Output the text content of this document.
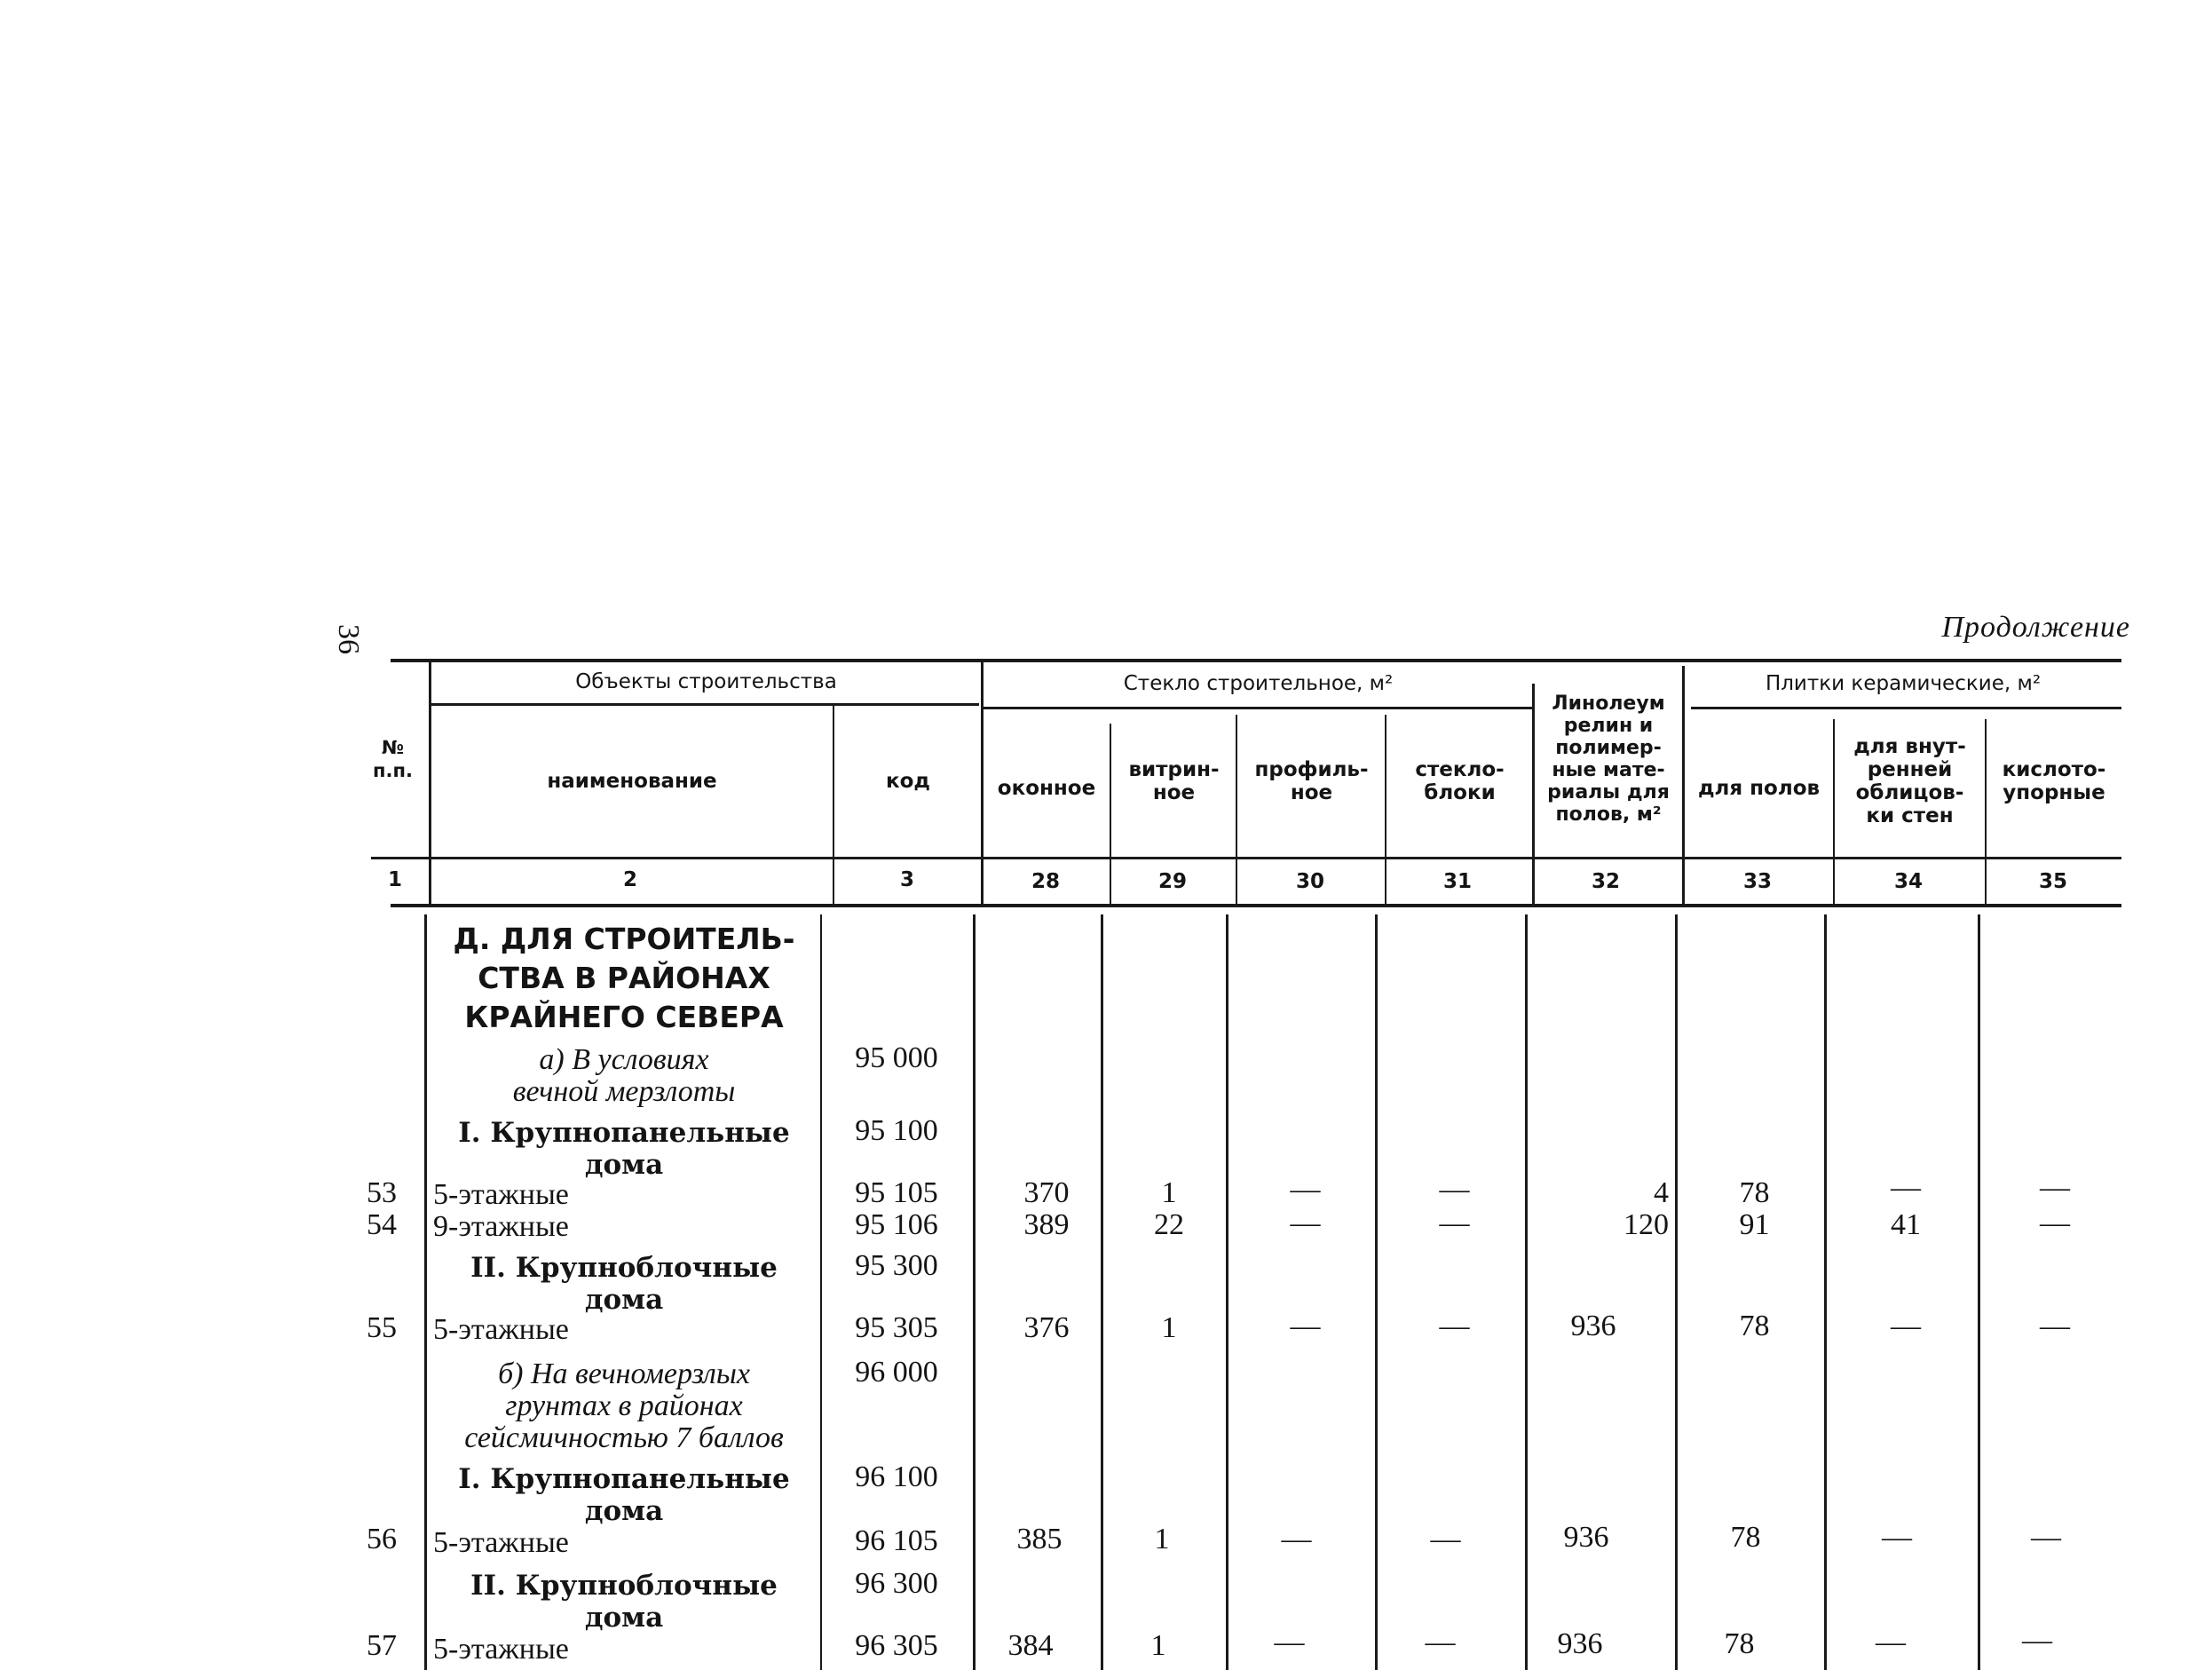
36	Продолжение
№
п.п.
Объекты строительства
наименование	код
Стекло строительное, м²
оконное
витрин-
ное
профиль-
ное
стекло-
блоки
Линолеум
релин и
полимер-
ные мате-
риалы для
полов, м²
Плитки керамические, м²
для полов
для внут-
ренней
облицов-
ки стен
кислото-
упорные
1	2	3	28	29	30	31	32	33	34	35
Д. ДЛЯ СТРОИТЕЛЬ-
СТВА В РАЙОНАХ
КРАЙНЕГО СЕВЕРА
а) В условиях
вечной мерзлоты
95 000
I. Крупнопанельные
дома
95 100
53	5-этажные	95 105	370	1	—	—	4	78	—	—
54	9-этажные	95 106	389	22	—	—	120	91	41	—
II. Крупноблочные
дома
95 300
55	5-этажные	95 305	376	1	—	—	936	78	—	—
б) На вечномерзлых
грунтах в районах
сейсмичностью 7 баллов
96 000
I. Крупнопанельные
дома
96 100
56	5-этажные	96 105	385	1	—	—	936	78	—	—
II. Крупноблочные
дома
96 300
57	5-этажные	96 305	384	1	—	—	936	78	—	—
